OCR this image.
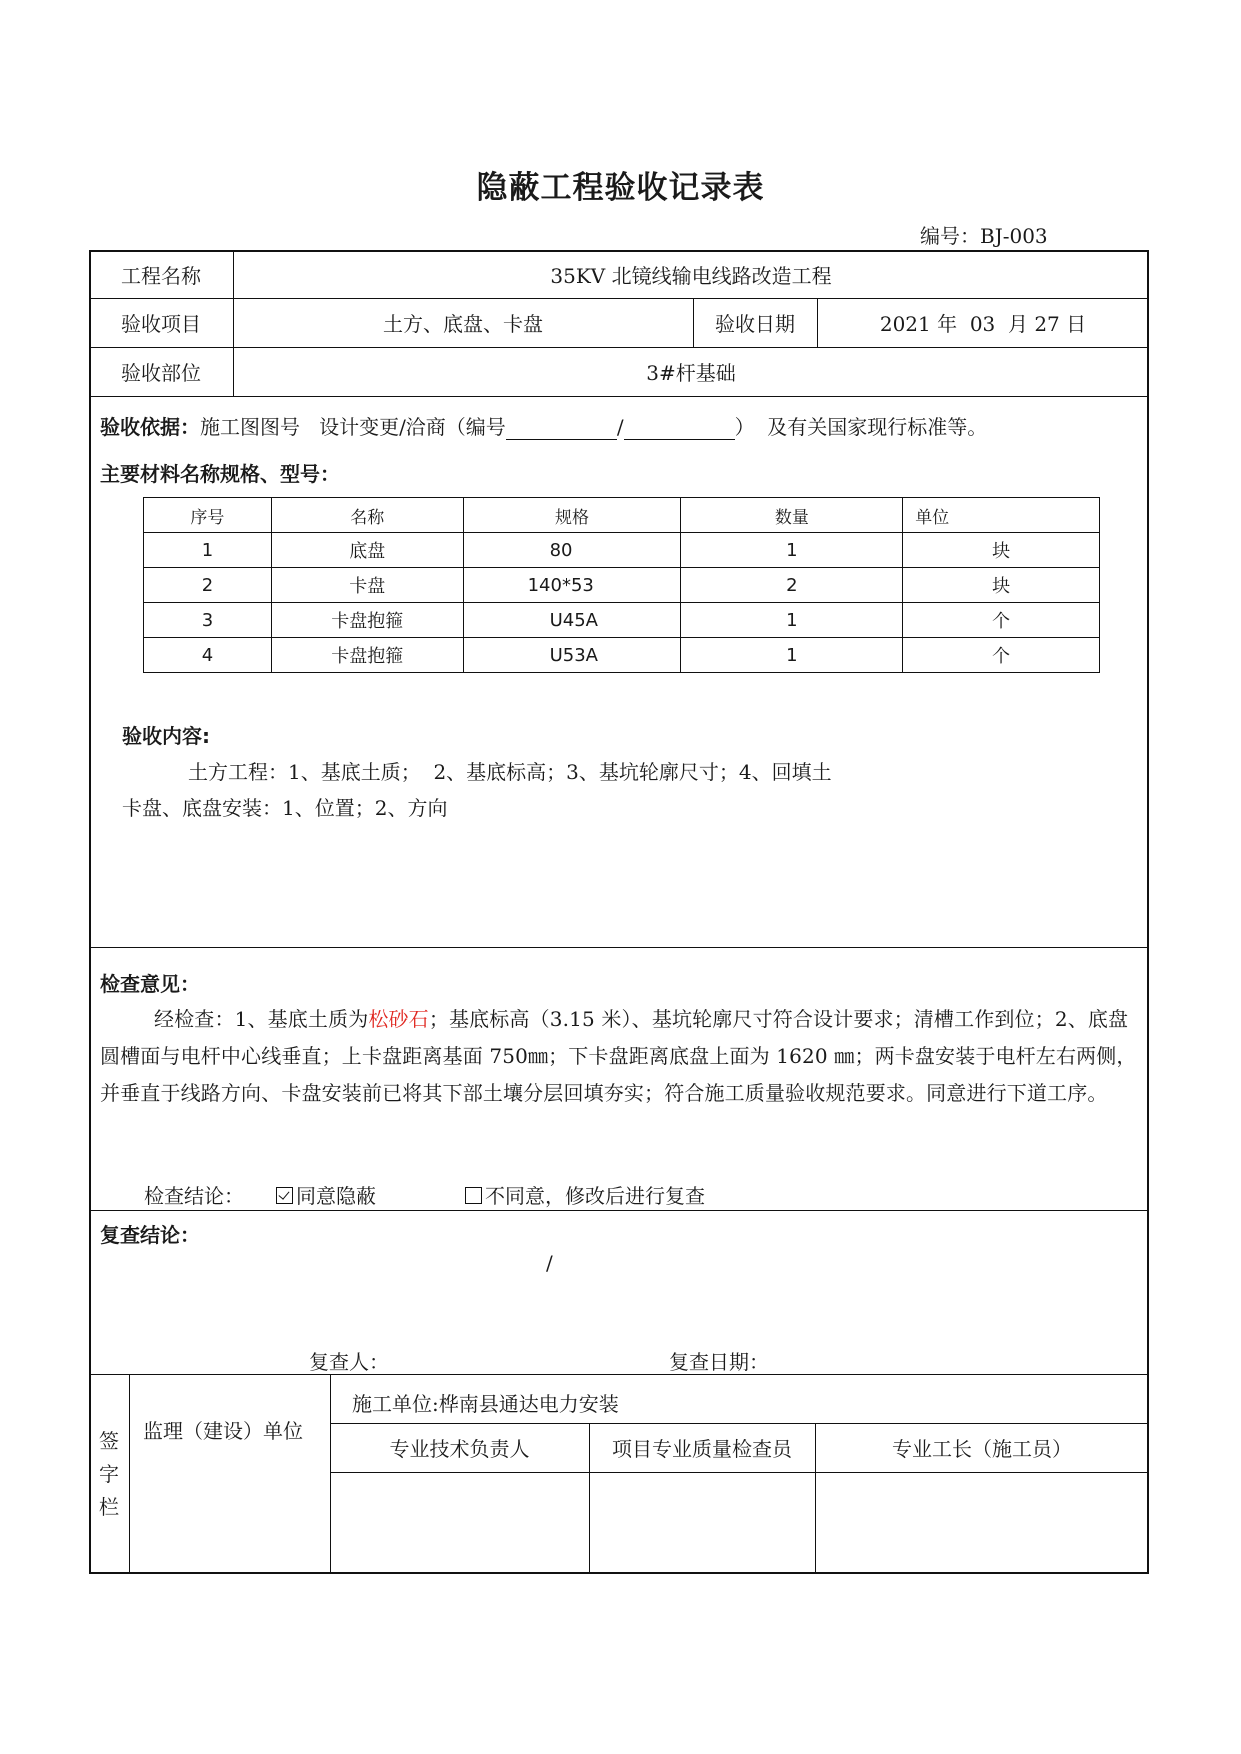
隐蔽工程验收记录表
编号：BJ-003
工程名称	35KV 北镜线输电线路改造工程
验收项目	土方、底盘、卡盘	验收日期	2021 年  03  月 27 日
验收部位	3#杆基础
验收依据：施工图图号   设计变更/洽商（编号	/	）  及有关国家现行标准等。
主要材料名称规格、型号：
序号	名称	规格	数量	单位
1	底盘	80	1	块
2	卡盘	140*53	2	块
3	卡盘抱箍	U45A	1	个
4	卡盘抱箍	U53A	1	个
验收内容:
土方工程：1、基底土质；  2、基底标高；3、基坑轮廓尺寸；4、回填土
卡盘、底盘安装：1、位置；2、方向
检查意见：
经检查：1、基底土质为松砂石；基底标高（3.15 米）、基坑轮廓尺寸符合设计要求；清槽工作到位；2、底盘圆槽面与电杆中心线垂直；上卡盘距离基面 750㎜；下卡盘距离底盘上面为 1620 ㎜；两卡盘安装于电杆左右两侧，并垂直于线路方向、卡盘安装前已将其下部土壤分层回填夯实；符合施工质量验收规范要求。同意进行下道工序。
检查结论：	同意隐蔽	不同意，修改后进行复查
复查结论：
/
复查人：	复查日期：
签字栏
监理（建设）单位
施工单位:桦南县通达电力安装
专业技术负责人	项目专业质量检查员	专业工长（施工员）
